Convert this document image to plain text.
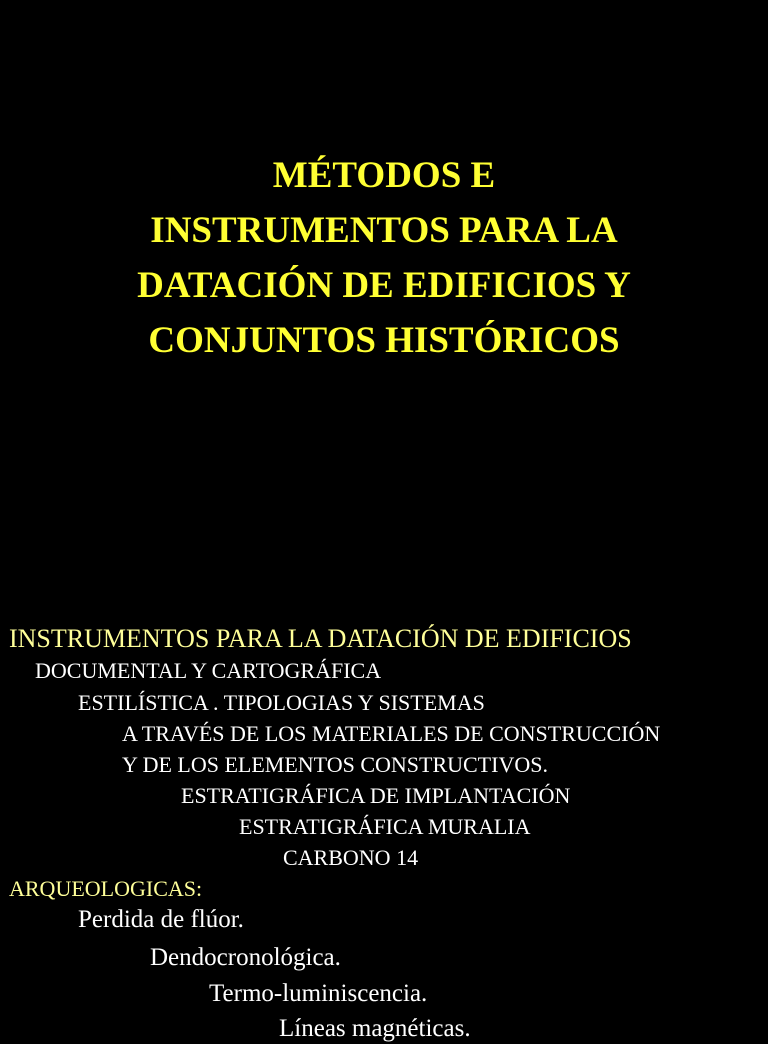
MÉTODOS E
INSTRUMENTOS PARA LA
DATACIÓN DE EDIFICIOS Y
CONJUNTOS HISTÓRICOS
INSTRUMENTOS PARA LA DATACIÓN DE EDIFICIOS
DOCUMENTAL Y CARTOGRÁFICA
ESTILÍSTICA . TIPOLOGIAS Y SISTEMAS
A TRAVÉS DE LOS MATERIALES DE CONSTRUCCIÓN
Y DE LOS ELEMENTOS CONSTRUCTIVOS.
ESTRATIGRÁFICA DE IMPLANTACIÓN
ESTRATIGRÁFICA MURALIA
CARBONO 14
ARQUEOLOGICAS:
Perdida de flúor.
Dendocronológica.
Termo-luminiscencia.
Líneas magnéticas.
